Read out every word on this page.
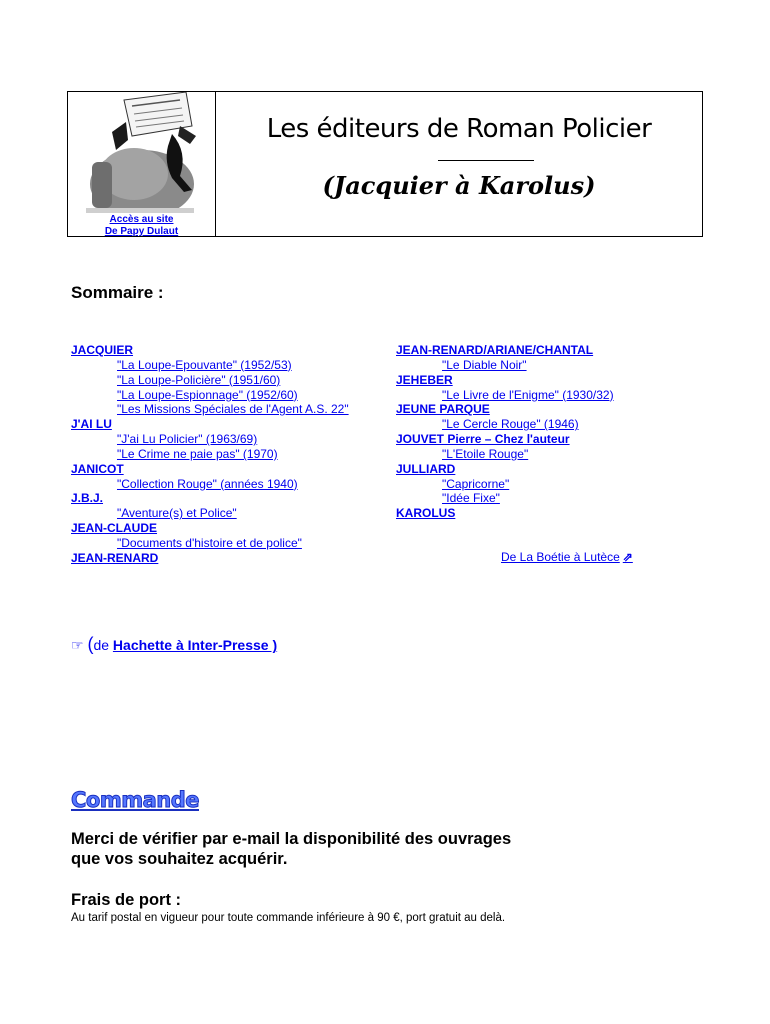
Accès au site
De Papy Dulaut
Les éditeurs de Roman Policier
(Jacquier à Karolus)
Sommaire :
JACQUIER
"La Loupe-Epouvante" (1952/53)
"La Loupe-Policière" (1951/60)
"La Loupe-Espionnage" (1952/60)
"Les Missions Spéciales de l'Agent A.S. 22"
J'AI LU
"J'ai Lu Policier" (1963/69)
"Le Crime ne paie pas" (1970)
JANICOT
"Collection Rouge" (années 1940)
J.B.J.
"Aventure(s) et Police"
JEAN-CLAUDE
"Documents d'histoire et de police"
JEAN-RENARD
JEAN-RENARD/ARIANE/CHANTAL
"Le Diable Noir"
JEHEBER
"Le Livre de l'Enigme" (1930/32)
JEUNE PARQUE
"Le Cercle Rouge" (1946)
JOUVET Pierre – Chez l'auteur
"L'Etoile Rouge"
JULLIARD
"Capricorne"
"Idée Fixe"
KAROLUS
De La Boétie à Lutèce ⇗
☞ (de Hachette à Inter-Presse )
Commande
Merci de vérifier par e-mail la disponibilité des ouvrages
que vos souhaitez acquérir.
Frais de port :
Au tarif postal en vigueur pour toute commande inférieure à 90 €, port gratuit au delà.
